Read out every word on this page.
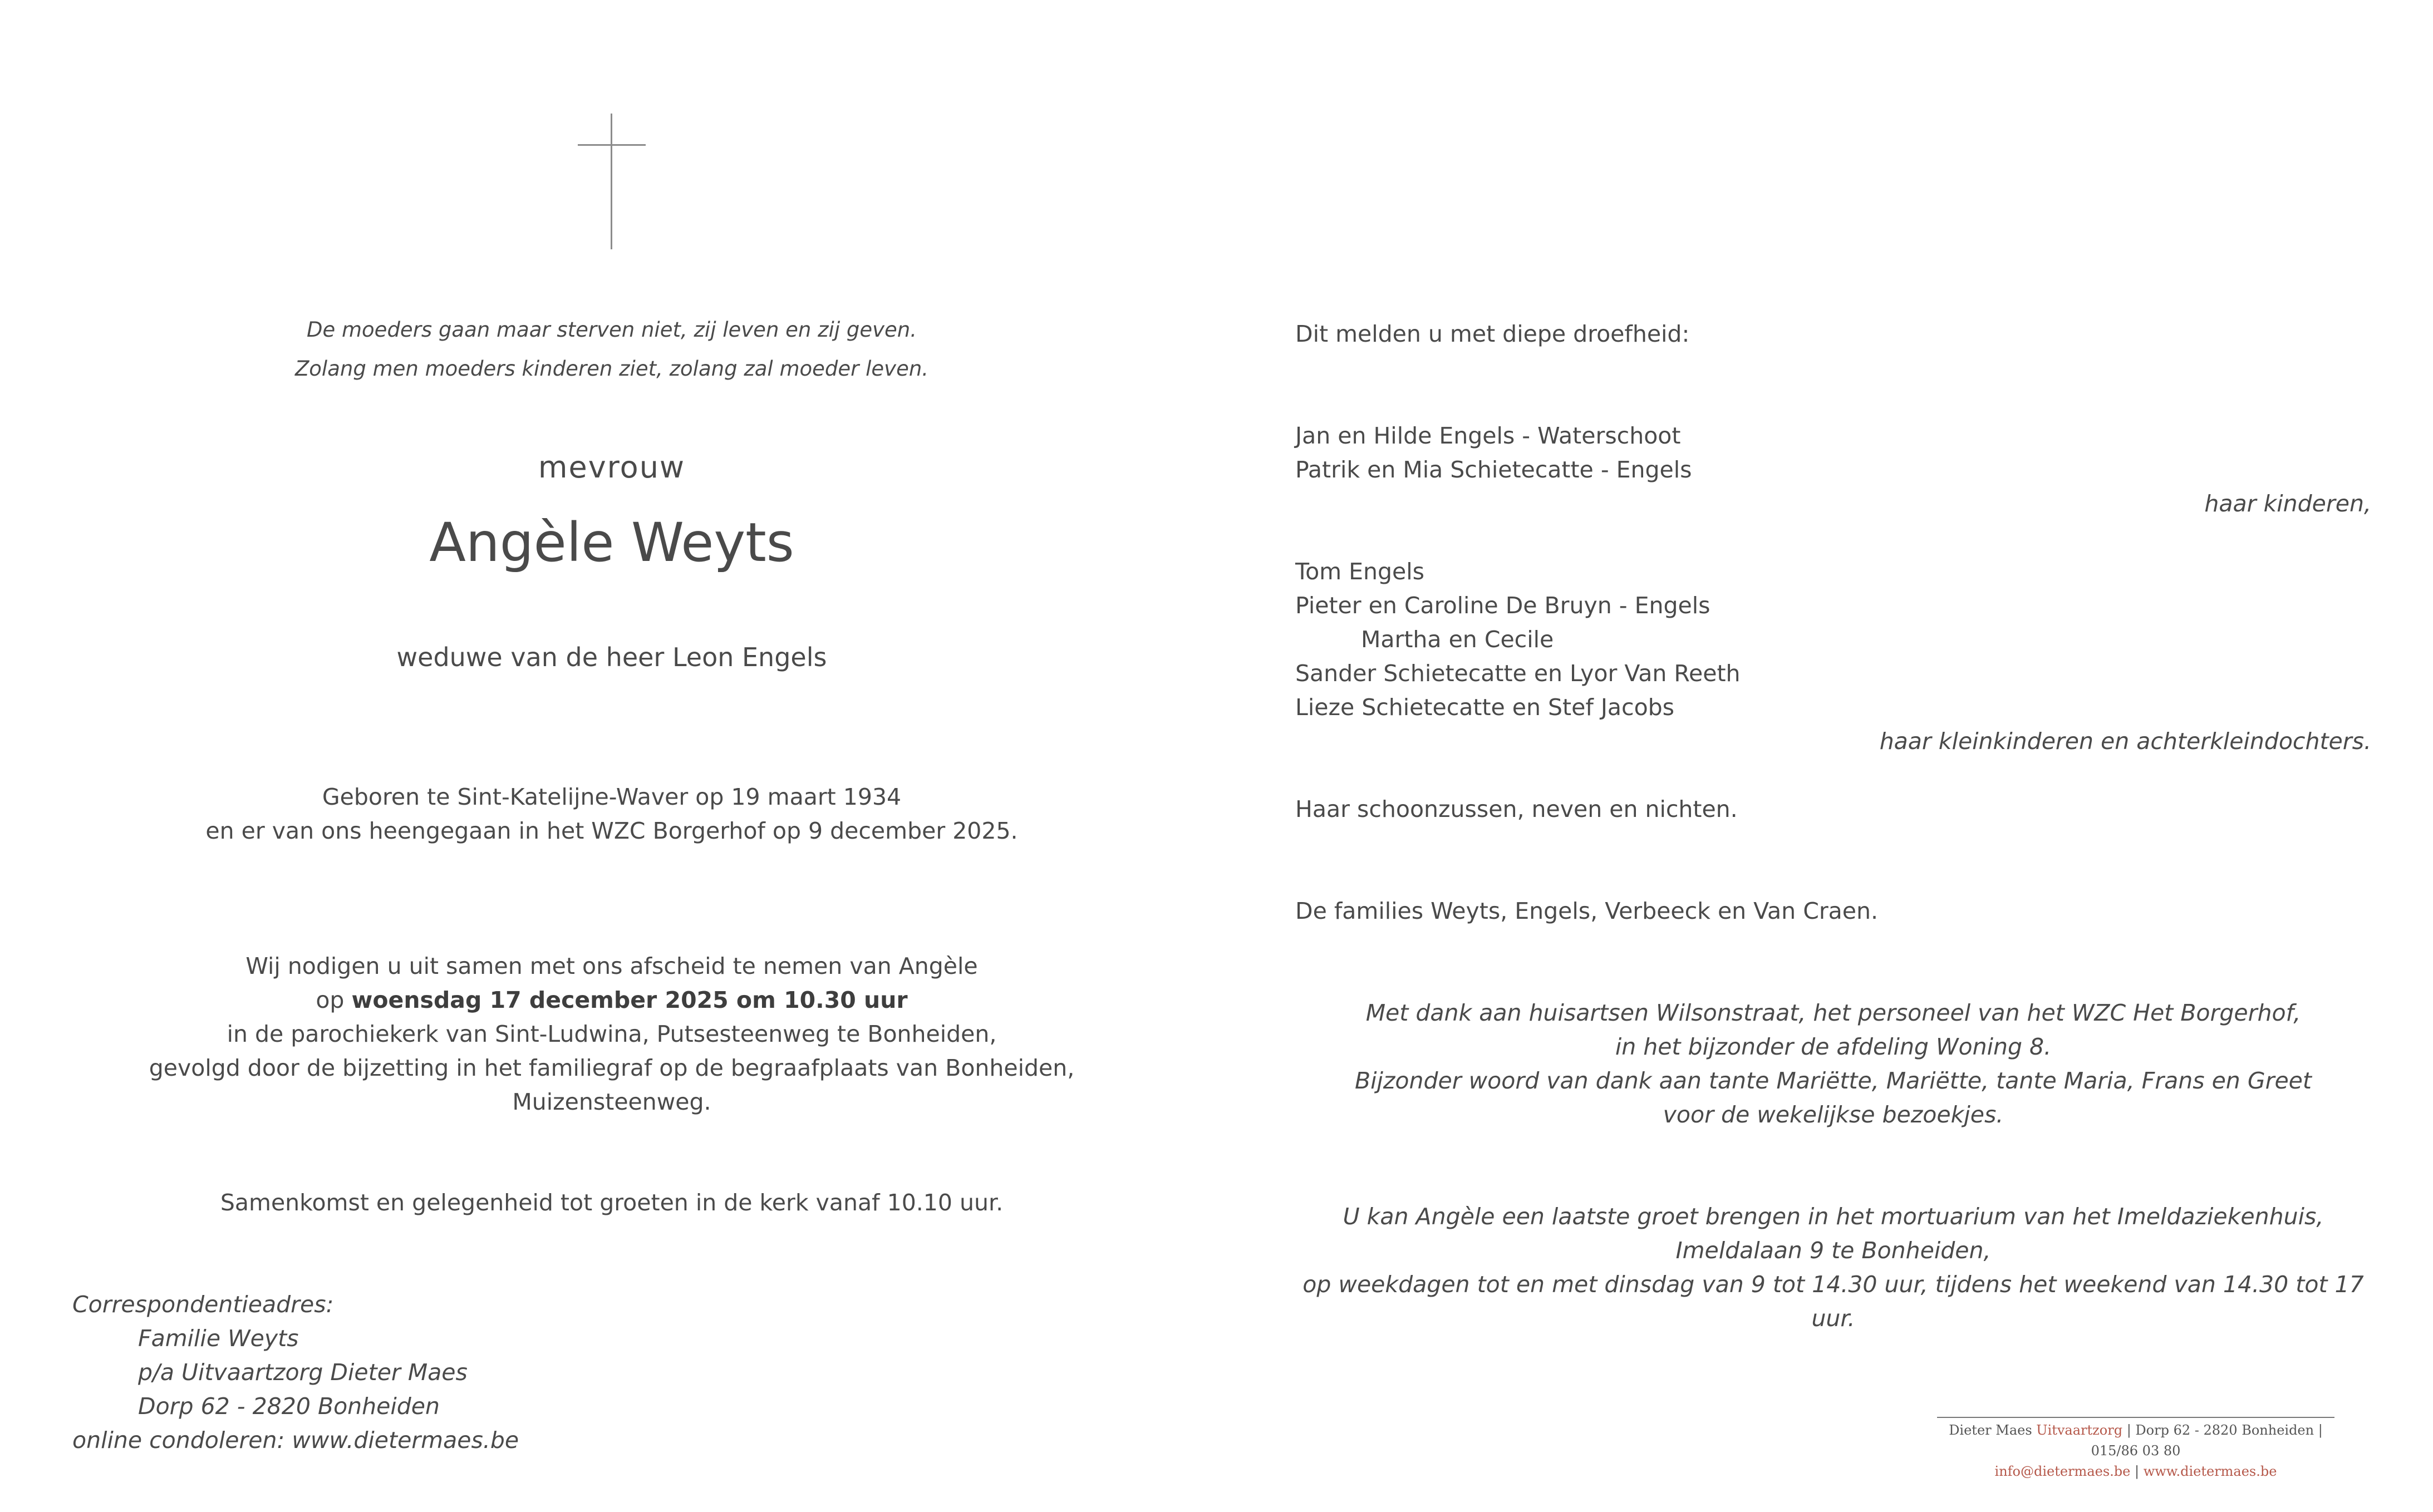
De moeders gaan maar sterven niet, zij leven en zij geven.
Zolang men moeders kinderen ziet, zolang zal moeder leven.
mevrouw
Angèle Weyts
weduwe van de heer Leon Engels
Geboren te Sint-Katelijne-Waver op 19 maart 1934
en er van ons heengegaan in het WZC Borgerhof op 9 december 2025.
Wij nodigen u uit samen met ons afscheid te nemen van Angèle
op woensdag 17 december 2025 om 10.30 uur
in de parochiekerk van Sint-Ludwina, Putsesteenweg te Bonheiden,
gevolgd door de bijzetting in het familiegraf op de begraafplaats van Bonheiden, Muizensteenweg.
Samenkomst en gelegenheid tot groeten in de kerk vanaf 10.10 uur.
Correspondentieadres:
Familie Weyts
p/a Uitvaartzorg Dieter Maes
Dorp 62 - 2820 Bonheiden
online condoleren: www.dietermaes.be
Dit melden u met diepe droefheid:
Jan en Hilde Engels - Waterschoot
Patrik en Mia Schietecatte - Engels
haar kinderen,
Tom Engels
Pieter en Caroline De Bruyn - Engels
Martha en Cecile
Sander Schietecatte en Lyor Van Reeth
Lieze Schietecatte en Stef Jacobs
haar kleinkinderen en achterkleindochters.
Haar schoonzussen, neven en nichten.
De families Weyts, Engels, Verbeeck en Van Craen.
Met dank aan huisartsen Wilsonstraat, het personeel van het WZC Het Borgerhof,
in het bijzonder de afdeling Woning 8.
Bijzonder woord van dank aan tante Mariëtte, Mariëtte, tante Maria, Frans en Greet
voor de wekelijkse bezoekjes.
U kan Angèle een laatste groet brengen in het mortuarium van het Imeldaziekenhuis, Imeldalaan 9 te Bonheiden,
op weekdagen tot en met dinsdag van 9 tot 14.30 uur, tijdens het weekend van 14.30 tot 17 uur.
Dieter Maes Uitvaartzorg | Dorp 62 - 2820 Bonheiden | 015/86 03 80
info@dietermaes.be | www.dietermaes.be
